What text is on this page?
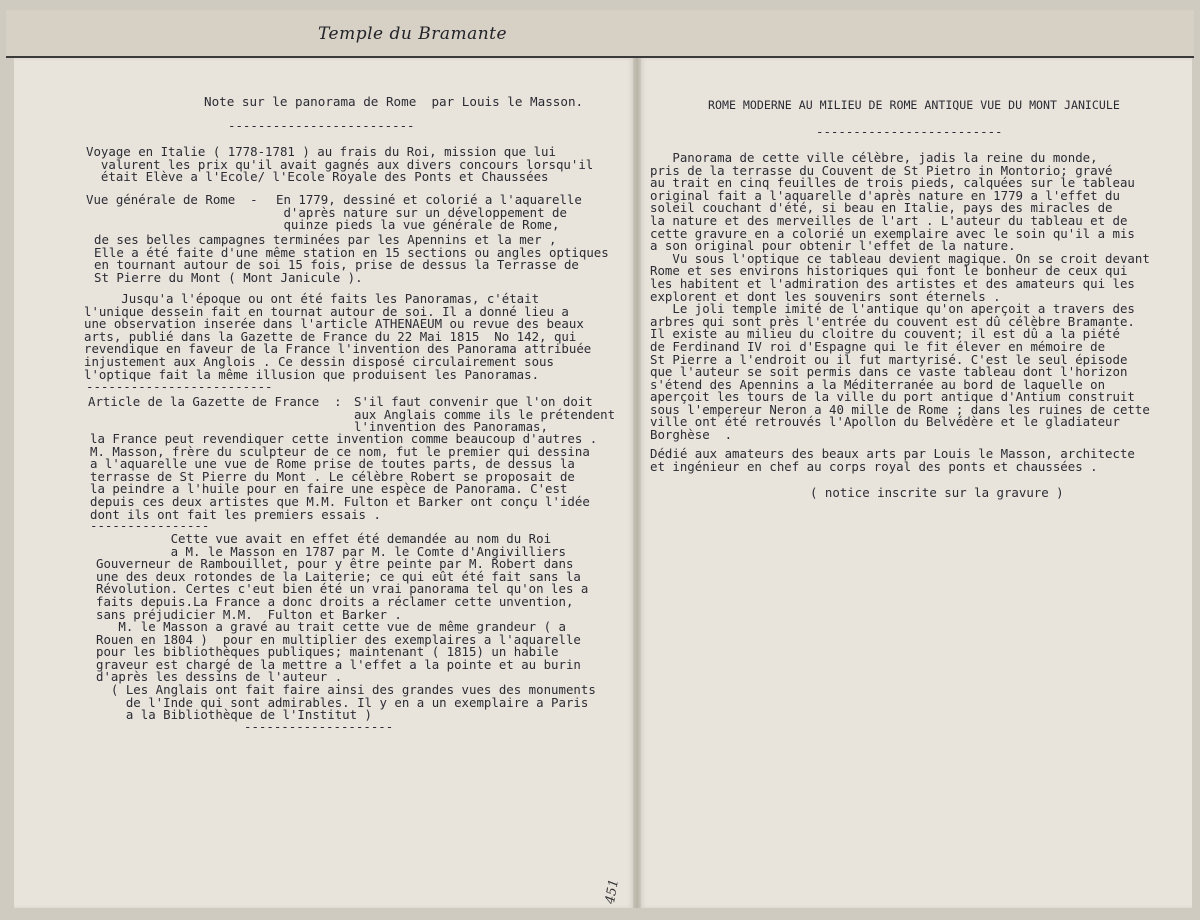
Temple du Bramante
Note sur le panorama de Rome  par Louis le Masson.
-------------------------
Voyage en Italie ( 1778-1781 ) au frais du Roi, mission que lui
valurent les prix qu'il avait gagnés aux divers concours lorsqu'il
était Elève a l'Ecole/ l'Ecole Royale des Ponts et Chaussées
Vue générale de Rome  - En 1779, dessiné et colorié a l'aquarelle
d'après nature sur un développement de
quinze pieds la vue générale de Rome,
de ses belles campagnes terminées par les Apennins et la mer ,
Elle a été faite d'une même station en 15 sections ou angles optiques
en tournant autour de soi 15 fois, prise de dessus la Terrasse de
St Pierre du Mont ( Mont Janicule ).
Jusqu'a l'époque ou ont été faits les Panoramas, c'était
l'unique dessein fait en tournat autour de soi. Il a donné lieu a
une observation inserée dans l'article ATHENAEUM ou revue des beaux
arts, publié dans la Gazette de France du 22 Mai 1815  No 142, qui
revendique en faveur de la France l'invention des Panorama attribuée
injustement aux Anglois . Ce dessin disposé circulairement sous
l'optique fait la même illusion que produisent les Panoramas.
-------------------------
Article de la Gazette de France  : S'il faut convenir que l'on doit
aux Anglais comme ils le prétendent
l'invention des Panoramas,
la France peut revendiquer cette invention comme beaucoup d'autres .
M. Masson, frère du sculpteur de ce nom, fut le premier qui dessina
a l'aquarelle une vue de Rome prise de toutes parts, de dessus la
terrasse de St Pierre du Mont . Le célèbre Robert se proposait de
la peindre a l'huile pour en faire une espèce de Panorama. C'est
depuis ces deux artistes que M.M. Fulton et Barker ont conçu l'idée
dont ils ont fait les premiers essais .
----------------
Cette vue avait en effet été demandée au nom du Roi
a M. le Masson en 1787 par M. le Comte d'Angivilliers
Gouverneur de Rambouillet, pour y être peinte par M. Robert dans
une des deux rotondes de la Laiterie; ce qui eût été fait sans la
Révolution. Certes c'eut bien été un vrai panorama tel qu'on les a
faits depuis.La France a donc droits a réclamer cette unvention,
sans préjudicier M.M.  Fulton et Barker .
M. le Masson a gravé au trait cette vue de même grandeur ( a
Rouen en 1804 )  pour en multiplier des exemplaires a l'aquarelle
pour les bibliothèques publiques; maintenant ( 1815) un habile
graveur est chargé de la mettre a l'effet a la pointe et au burin
d'après les dessins de l'auteur .
( Les Anglais ont fait faire ainsi des grandes vues des monuments
de l'Inde qui sont admirables. Il y en a un exemplaire a Paris
a la Bibliothèque de l'Institut )
--------------------
ROME MODERNE AU MILIEU DE ROME ANTIQUE VUE DU MONT JANICULE
-------------------------
Panorama de cette ville célèbre, jadis la reine du monde,
pris de la terrasse du Couvent de St Pietro in Montorio; gravé
au trait en cinq feuilles de trois pieds, calquées sur le tableau
original fait a l'aquarelle d'après nature en 1779 a l'effet du
soleil couchant d'été, si beau en Italie, pays des miracles de
la nature et des merveilles de l'art . L'auteur du tableau et de
cette gravure en a colorié un exemplaire avec le soin qu'il a mis
a son original pour obtenir l'effet de la nature.
Vu sous l'optique ce tableau devient magique. On se croit devant
Rome et ses environs historiques qui font le bonheur de ceux qui
les habitent et l'admiration des artistes et des amateurs qui les
explorent et dont les souvenirs sont éternels .
Le joli temple imité de l'antique qu'on aperçoit a travers des
arbres qui sont près l'entrée du couvent est dû célèbre Bramante.
Il existe au milieu du cloitre du couvent; il est dû a la piété
de Ferdinand IV roi d'Espagne qui le fit élever en mémoire de
St Pierre a l'endroit ou il fut martyrisé. C'est le seul épisode
que l'auteur se soit permis dans ce vaste tableau dont l'horizon
s'étend des Apennins a la Méditerranée au bord de laquelle on
aperçoit les tours de la ville du port antique d'Antium construit
sous l'empereur Neron a 40 mille de Rome ; dans les ruines de cette
ville ont été retrouvés l'Apollon du Belvédère et le gladiateur
Borghèse  .
Dédié aux amateurs des beaux arts par Louis le Masson, architecte
et ingénieur en chef au corps royal des ponts et chaussées .
( notice inscrite sur la gravure )
451
